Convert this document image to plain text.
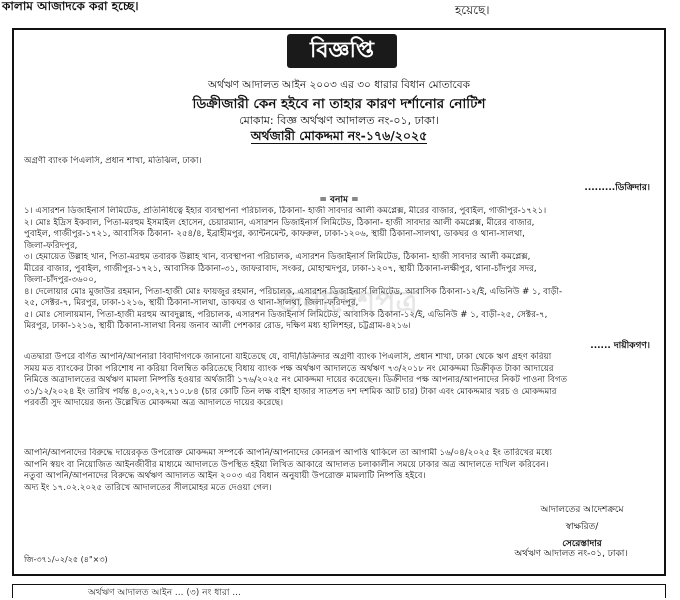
কালাম আজাদকে করা হচ্ছে।	হয়েছে।
বিজ্ঞপ্তি
অর্থঋণ আদালত আইন ২০০৩ এর ৩০ ধারার বিধান মোতাবেক
ডিক্রীজারী কেন হইবে না তাহার কারণ দর্শানোর নোটিশ
মোকাম: বিজ্ঞ অর্থঋণ আদালত নং-০১, ঢাকা।
অর্থজারী মোকদ্দমা নং-১৭৬/২০২৫
অগ্রণী ব্যাংক পিএলসি, প্রধান শাখা, মতিঝিল, ঢাকা।
.........ডিক্রিদার।
= বনাম =
১। এসারশন ডিজাইনার্স লিমিটেড, প্রতিনিধিত্বে ইহার ব্যবস্থাপনা পরিচালক, ঠিকানা- হাজী সাবদার আলী কমপ্লেক্স, মীরের বাজার, পুবাইল, গাজীপুর-১৭২১।
২। মোঃ ইদ্রিস ইকবাল, পিতা-মরহুম ইসমাইল হোসেন, চেয়ারম্যান, এসারশন ডিজাইনার্স লিমিটেড, ঠিকানা- হাজী সাবদার আলী কমপ্লেক্স, মীরের বাজার,
পুবাইল, গাজীপুর-১৭২১, আবাসিক ঠিকানা- ২৫৪/৪, ইব্রাহীমপুর, ক্যান্টনমেন্ট, কাফরুল, ঢাকা-১২০৬, স্থায়ী ঠিকানা-সালথা, ডাকঘর ও থানা-সালথা,
জিলা-ফরিদপুর,
৩। হেমায়েত উল্লাহ খান, পিতা-মরহুম তবারক উল্লাহ খান, ব্যবস্থাপনা পরিচালক, এসারশন ডিজাইনার্স লিমিটেড, ঠিকানা- হাজী সাবদার আলী কমপ্লেক্স,
মীরের বাজার, পুবাইল, গাজীপুর-১৭২১, আবাসিক ঠিকানা-৩১, জাফরাবাদ, সংকর, মোহাম্মদপুর, ঢাকা-১২০৭, স্থায়ী ঠিকানা-লক্ষীপুর, থানা-চাঁদপুর সদর,
জিলা-চাঁদপুর-৩৬০০,
৪। দেলোয়ার মোঃ মুজাউর রহমান, পিতা-হাজী মোঃ ফায়জুর রহমান, পরিচালক, এসারশন ডিজাইনার্স লিমিটেড, আবাসিক ঠিকানা-১২/ই, এভিনিউ # ১, বাড়ী-
২৫, সেক্টর-৭, মিরপুর, ঢাকা-১২১৬, স্থায়ী ঠিকানা-সালথা, ডাকঘর ও থানা-সালথা, জিলা-ফরিদপুর,
৫। মোঃ সোলায়মান, পিতা-হাজী মরহুম আবদুল্লাহ, পরিচালক, এসারশন ডিজাইনার্স লিমিটেড, আবাসিক ঠিকানা-১২/ই, এভিনিউ # ১, বাড়ী-২৫, সেক্টর-৭,
মিরপুর, ঢাকা-১২১৬, স্থায়ী ঠিকানা-সালথা বিনয় জনাব আলী পেশকার রোড, দক্ষিণ মধ্য হালিশহর, চট্টগ্রাম-৪২১৬।
...... দায়ীকগণ।
এতদ্বারা উপরে বর্ণিত আপনি/আপনারা বিবাদীগণকে জানানো যাইতেছে যে, বাদী/ডিক্রিদার অগ্রণী ব্যাংক পিএলসি, প্রধান শাখা, ঢাকা থেকে ঋণ গ্রহণ করিয়া
সময় মত ব্যাংকের টাকা পরিশোধ না করিয়া বিলম্বিত করিতেছে বিধায় ব্যাংক পক্ষ অর্থঋণ আদালতে অর্থঋণ ৭৩/২০১৮ নং মোকদ্দমা ডিক্রীকৃত টাকা আদায়ের
নিমিত্তে অত্রাদালতের অর্থঋণ মামলা নিষ্পত্তি হওয়ার অর্থজারী ১৭৬/২০২৫ নং মোকদ্দমা দায়ের করেছেন। ডিক্রীদার পক্ষ আপনার/আপনাদের নিকট পাওনা বিগত
৩১/১২/২০২৪ ইং তারিখ পর্যন্ত ৪,০৩,২২,৭১০.৮৪ (চার কোটি তিন লক্ষ বাইশ হাজার সাতশত দশ দশমিক আট চার) টাকা এবং মোকদ্দমার খরচ ও মোকদ্দমার
পরবর্তী সুদ আদায়ের জন্য উল্লেখিত মোকদ্দমা অত্র আদালতে দায়ের করেছে।
আপনি/আপনাদের বিরুদ্ধে দায়েরকৃত উপরোক্ত মোকদ্দমা সম্পর্কে আপনি/আপনাদের কোনরূপ আপত্তি থাকিলে তা আগামী ১৬/০৪/২০২৫ ইং তারিখের মধ্যে
আপনি স্বয়ং বা নিয়োজিত আইনজীবীর মাধ্যমে আদালতে উপস্থিত হইয়া লিখিত আকারে আদালত চলাকালীন সময়ে ঢাকার অত্র আদালতে দাখিল করিবেন।
নতুবা আপনি/আপনাদের বিরুদ্ধে অর্থঋণ আদালত আইন ২০০৩ এর বিধান অনুযায়ী উপরোক্ত মামলাটি নিষ্পত্তি হইবে।
অদ্য ইং ১৭.০২.২০২৫ তারিখে আদালতের সীলমোহর মতে দেওয়া গেল।
আদালতের আদেশক্রমে
স্বাক্ষরিত/
সেরেস্তাদার
অর্থঋণ আদালত নং-০১, ঢাকা।
জি-৩৭১/০২/২৫ (৪"×৩)
জনাদেশপত্র
অর্থঋণ আদালত আইন ... (৩) নং ধারা ...
